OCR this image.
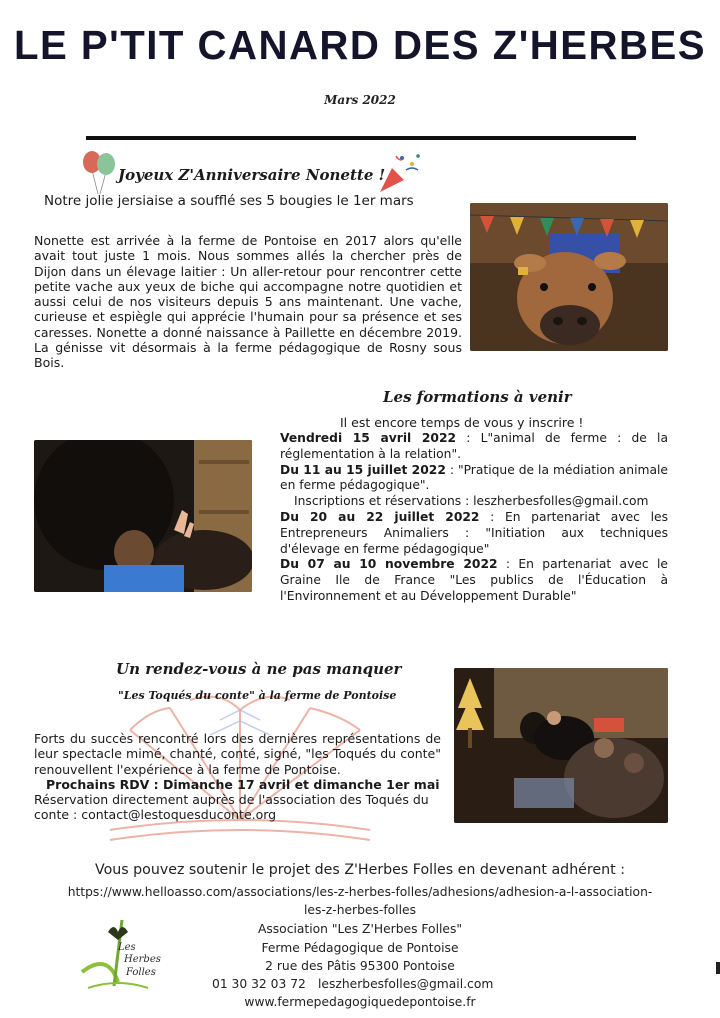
LE P'TIT CANARD DES Z'HERBES
Mars 2022
Joyeux Z'Anniversaire Nonette !
Notre jolie jersiaise a soufflé ses 5 bougies le 1er mars
Nonette est arrivée à la ferme de Pontoise en 2017 alors qu'elle avait tout juste 1 mois. Nous sommes allés la chercher près de Dijon dans un élevage laitier : Un aller-retour pour rencontrer cette petite vache aux yeux de biche qui accompagne notre quotidien et aussi celui de nos visiteurs depuis 5 ans maintenant. Une vache, curieuse et espiègle qui apprécie l'humain pour sa présence et ses caresses. Nonette a donné naissance à Paillette en décembre 2019. La génisse vit désormais à la ferme pédagogique de Rosny sous Bois.
Les formations à venir
Il est encore temps de vous y inscrire !

Vendredi 15 avril 2022 : L"animal de ferme : de la réglementation à la relation".

Du 11 au 15 juillet 2022 : "Pratique de la médiation animale en ferme pédagogique".

Inscriptions et réservations : leszherbesfolles@gmail.com

Du 20 au 22 juillet 2022 : En partenariat avec les Entrepreneurs Animaliers : "Initiation aux techniques d'élevage en ferme pédagogique"

Du 07 au 10 novembre 2022 : En partenariat avec le Graine Ile de France "Les publics de l'Éducation à l'Environnement et au Développement Durable"

Un rendez-vous à ne pas manquer
"Les Toqués du conte" à la ferme de Pontoise

Forts du succès rencontré lors des dernières représentations de leur spectacle mimé, chanté, conté, signé, "les Toqués du conte" renouvellent l'expérience à la ferme de Pontoise.

Prochains RDV : Dimanche 17 avril et dimanche 1er mai

Réservation directement auprès de l'association des Toqués du conte : contact@lestoquesduconte.org

Vous pouvez soutenir le projet des Z'Herbes Folles en devenant adhérent :
https://www.helloasso.com/associations/les-z-herbes-folles/adhesions/adhesion-a-l-association-
les-z-herbes-folles
Association "Les Z'Herbes Folles"
Ferme Pédagogique de Pontoise
2 rue des Pâtis 95300 Pontoise
01 30 32 03 72 leszherbesfolles@gmail.com
www.fermepedagogiquedepontoise.fr
Les
Herbes
Folles
